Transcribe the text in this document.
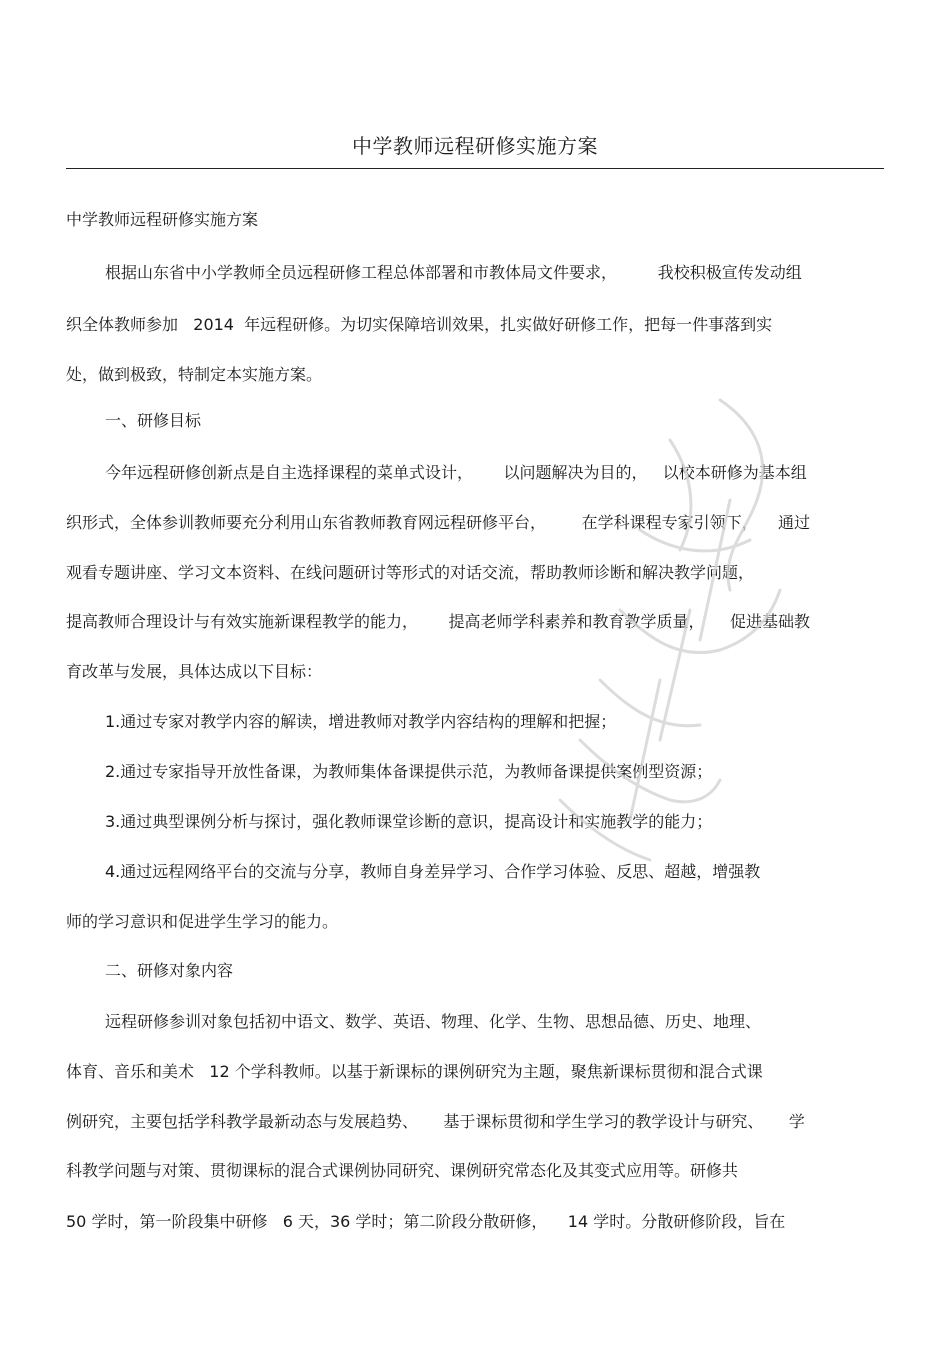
中学教师远程研修实施方案
中学教师远程研修实施方案
根据山东省中小学教师全员远程研修工程总体部署和市教体局文件要求，        我校积极宣传发动组
织全体教师参加   2014  年远程研修。为切实保障培训效果，扎实做好研修工作，把每一件事落到实
处，做到极致，特制定本实施方案。
一、研修目标
今年远程研修创新点是自主选择课程的菜单式设计，      以问题解决为目的，   以校本研修为基本组
织形式，全体参训教师要充分利用山东省教师教育网远程研修平台，       在学科课程专家引领下，    通过
观看专题讲座、学习文本资料、在线问题研讨等形式的对话交流，帮助教师诊断和解决教学问题，
提高教师合理设计与有效实施新课程教学的能力，      提高老师学科素养和教育教学质量，     促进基础教
育改革与发展，具体达成以下目标：
1.通过专家对教学内容的解读，增进教师对教学内容结构的理解和把握；
2.通过专家指导开放性备课，为教师集体备课提供示范，为教师备课提供案例型资源；
3.通过典型课例分析与探讨，强化教师课堂诊断的意识，提高设计和实施教学的能力；
4.通过远程网络平台的交流与分享，教师自身差异学习、合作学习体验、反思、超越，增强教
师的学习意识和促进学生学习的能力。
二、研修对象内容
远程研修参训对象包括初中语文、数学、英语、物理、化学、生物、思想品德、历史、地理、
体育、音乐和美术   12 个学科教师。以基于新课标的课例研究为主题，聚焦新课标贯彻和混合式课
例研究，主要包括学科教学最新动态与发展趋势、     基于课标贯彻和学生学习的教学设计与研究、     学
科教学问题与对策、贯彻课标的混合式课例协同研究、课例研究常态化及其变式应用等。研修共
50 学时，第一阶段集中研修   6 天，36 学时；第二阶段分散研修，    14 学时。分散研修阶段，旨在
